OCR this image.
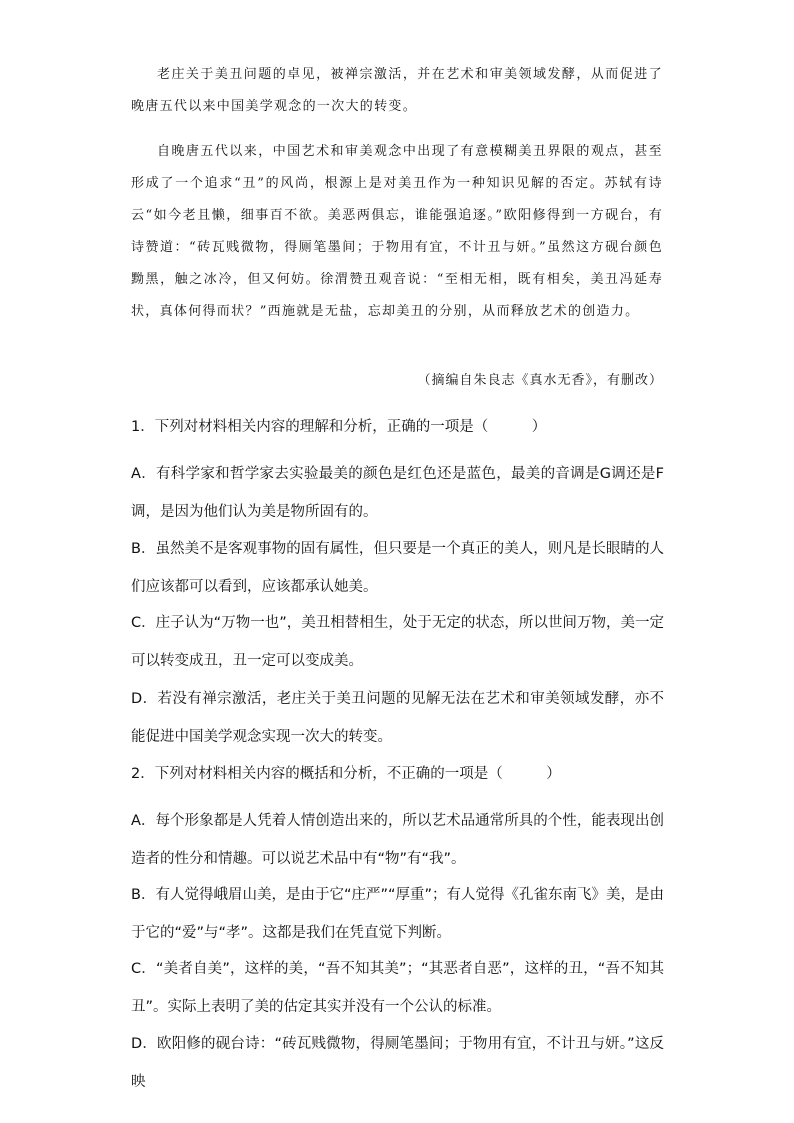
老庄关于美丑问题的卓见，被禅宗激活，并在艺术和审美领域发酵，从而促进了晚唐五代以来中国美学观念的一次大的转变。

自晚唐五代以来，中国艺术和审美观念中出现了有意模糊美丑界限的观点，甚至形成了一个追求“丑”的风尚，根源上是对美丑作为一种知识见解的否定。苏轼有诗云“如今老且懒，细事百不欲。美恶两俱忘，谁能强追逐。”欧阳修得到一方砚台，有诗赞道：“砖瓦贱微物，得厕笔墨间；于物用有宜，不计丑与妍。”虽然这方砚台颜色黝黑，触之冰冷，但又何妨。徐渭赞丑观音说：“至相无相，既有相矣，美丑冯延寿状，真体何得而状？”西施就是无盐，忘却美丑的分别，从而释放艺术的创造力。

（摘编自朱良志《真水无香》，有删改）

1．下列对材料相关内容的理解和分析，正确的一项是（　　　）

A．有科学家和哲学家去实验最美的颜色是红色还是蓝色，最美的音调是G调还是F调，是因为他们认为美是物所固有的。

B．虽然美不是客观事物的固有属性，但只要是一个真正的美人，则凡是长眼睛的人们应该都可以看到，应该都承认她美。

C．庄子认为“万物一也”，美丑相替相生，处于无定的状态，所以世间万物，美一定可以转变成丑，丑一定可以变成美。

D．若没有禅宗激活，老庄关于美丑问题的见解无法在艺术和审美领域发酵，亦不能促进中国美学观念实现一次大的转变。

2．下列对材料相关内容的概括和分析，不正确的一项是（　　　）

A．每个形象都是人凭着人情创造出来的，所以艺术品通常所具的个性，能表现出创造者的性分和情趣。可以说艺术品中有“物”有“我”。

B．有人觉得峨眉山美，是由于它“庄严”“厚重”；有人觉得《孔雀东南飞》美，是由于它的“爱”与“孝”。这都是我们在凭直觉下判断。

C．“美者自美”，这样的美，“吾不知其美”；“其恶者自恶”，这样的丑，“吾不知其丑”。实际上表明了美的估定其实并没有一个公认的标准。

D．欧阳修的砚台诗：“砖瓦贱微物，得厕笔墨间；于物用有宜，不计丑与妍。”这反映
